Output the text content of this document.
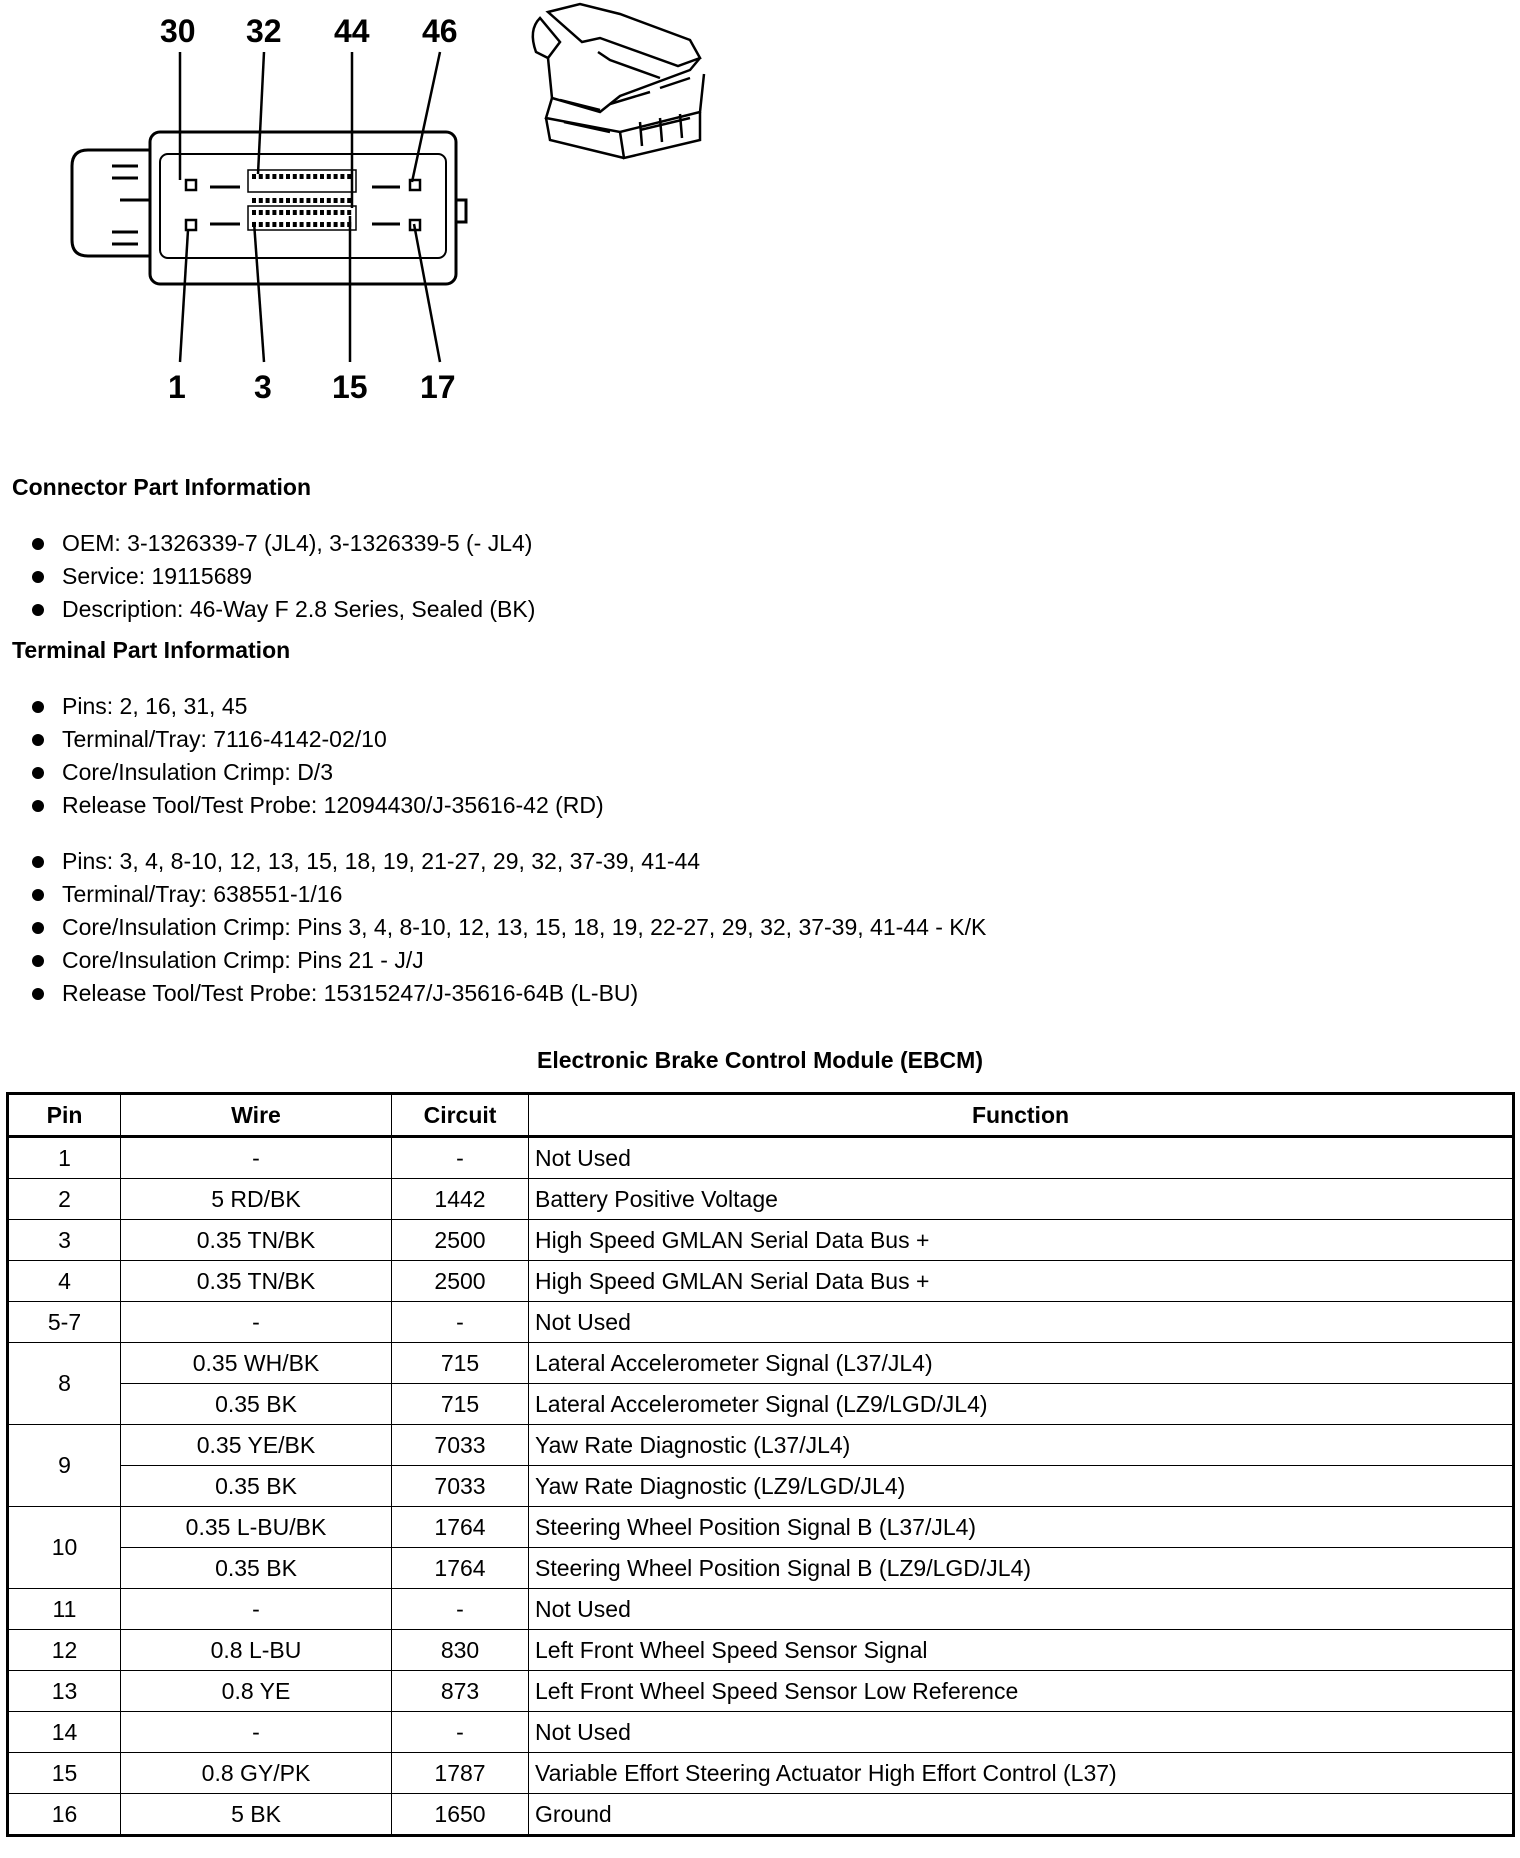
30 32 44 46
1 3 15 17
Connector Part Information
OEM: 3-1326339-7 (JL4), 3-1326339-5 (- JL4)
Service: 19115689
Description: 46-Way F 2.8 Series, Sealed (BK)
Terminal Part Information
Pins: 2, 16, 31, 45
Terminal/Tray: 7116-4142-02/10
Core/Insulation Crimp: D/3
Release Tool/Test Probe: 12094430/J-35616-42 (RD)
Pins: 3, 4, 8-10, 12, 13, 15, 18, 19, 21-27, 29, 32, 37-39, 41-44
Terminal/Tray: 638551-1/16
Core/Insulation Crimp: Pins 3, 4, 8-10, 12, 13, 15, 18, 19, 22-27, 29, 32, 37-39, 41-44 - K/K
Core/Insulation Crimp: Pins 21 - J/J
Release Tool/Test Probe: 15315247/J-35616-64B (L-BU)
Electronic Brake Control Module (EBCM)
Pin	Wire	Circuit	Function
1	-	-	Not Used
2	5 RD/BK	1442	Battery Positive Voltage
3	0.35 TN/BK	2500	High Speed GMLAN Serial Data Bus +
4	0.35 TN/BK	2500	High Speed GMLAN Serial Data Bus +
5-7	-	-	Not Used
8	0.35 WH/BK	715	Lateral Accelerometer Signal (L37/JL4)
	0.35 BK	715	Lateral Accelerometer Signal (LZ9/LGD/JL4)
9	0.35 YE/BK	7033	Yaw Rate Diagnostic (L37/JL4)
	0.35 BK	7033	Yaw Rate Diagnostic (LZ9/LGD/JL4)
10	0.35 L-BU/BK	1764	Steering Wheel Position Signal B (L37/JL4)
	0.35 BK	1764	Steering Wheel Position Signal B (LZ9/LGD/JL4)
11	-	-	Not Used
12	0.8 L-BU	830	Left Front Wheel Speed Sensor Signal
13	0.8 YE	873	Left Front Wheel Speed Sensor Low Reference
14	-	-	Not Used
15	0.8 GY/PK	1787	Variable Effort Steering Actuator High Effort Control (L37)
16	5 BK	1650	Ground
